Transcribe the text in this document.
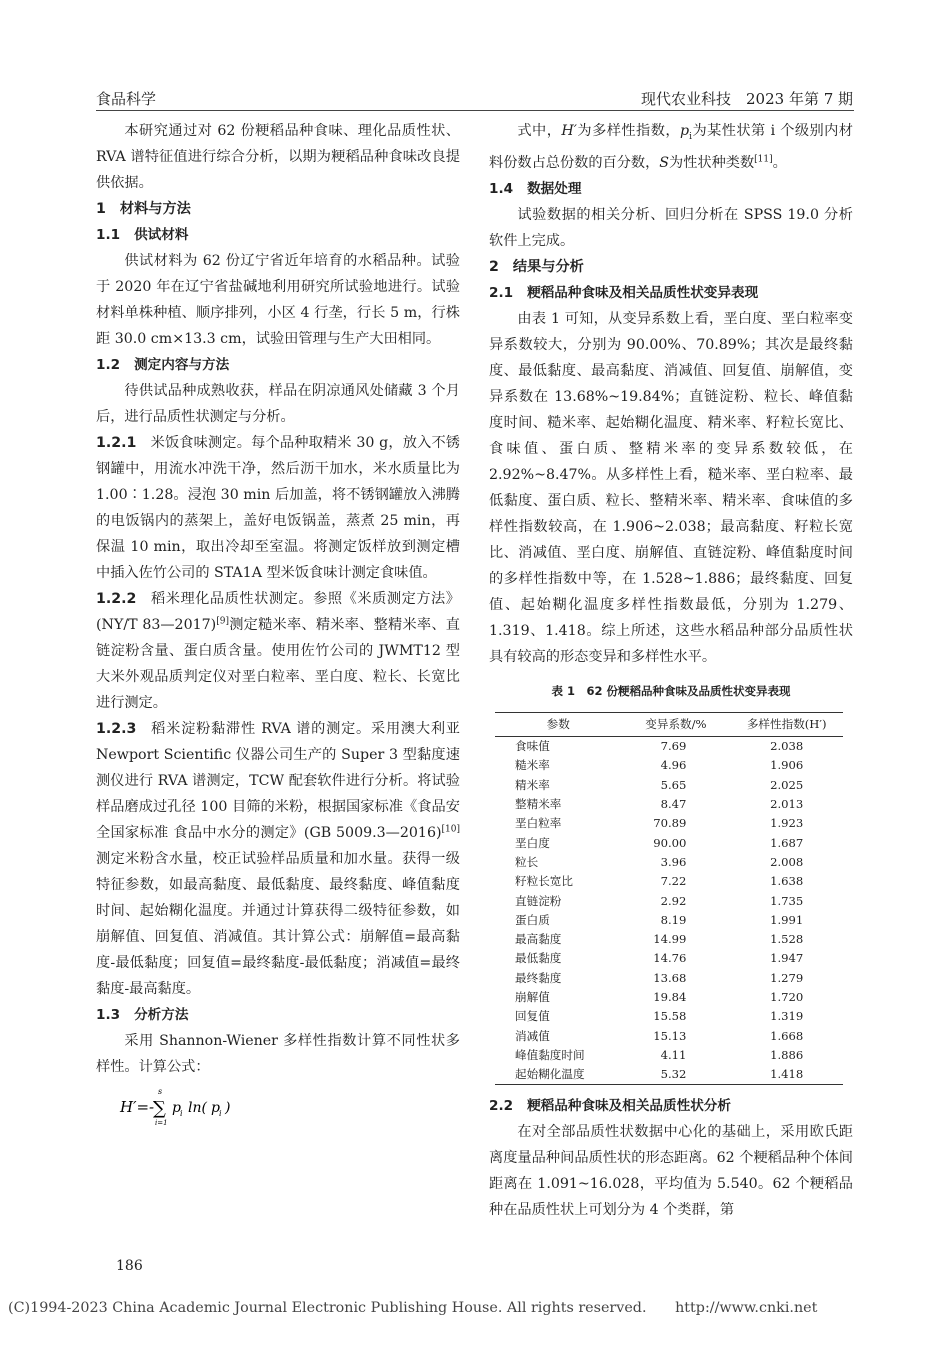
食品科学	现代农业科技　2023 年第 7 期

本研究通过对 62 份粳稻品种食味、理化品质性状、RVA 谱特征值进行综合分析，以期为粳稻品种食味改良提供依据。

1 材料与方法

1.1 供试材料

供试材料为 62 份辽宁省近年培育的水稻品种。试验于 2020 年在辽宁省盐碱地利用研究所试验地进行。试验材料单株种植、顺序排列，小区 4 行垄，行长 5 m，行株距 30.0 cm×13.3 cm，试验田管理与生产大田相同。

1.2 测定内容与方法

待供试品种成熟收获，样品在阴凉通风处储藏 3 个月后，进行品质性状测定与分析。

1.2.1 米饭食味测定。每个品种取精米 30 g，放入不锈钢罐中，用流水冲洗干净，然后沥干加水，米水质量比为 1.00∶1.28。浸泡 30 min 后加盖，将不锈钢罐放入沸腾的电饭锅内的蒸架上，盖好电饭锅盖，蒸煮 25 min，再保温 10 min，取出冷却至室温。将测定饭样放到测定槽中插入佐竹公司的 STA1A 型米饭食味计测定食味值。

1.2.2 稻米理化品质性状测定。参照《米质测定方法》(NY/T 83—2017)[9]测定糙米率、精米率、整精米率、直链淀粉含量、蛋白质含量。使用佐竹公司的 JWMT12 型大米外观品质判定仪对垩白粒率、垩白度、粒长、长宽比进行测定。

1.2.3 稻米淀粉黏滞性 RVA 谱的测定。采用澳大利亚 Newport Scientific 仪器公司生产的 Super 3 型黏度速测仪进行 RVA 谱测定，TCW 配套软件进行分析。将试验样品磨成过孔径 100 目筛的米粉，根据国家标准《食品安全国家标准 食品中水分的测定》(GB 5009.3—2016)[10]测定米粉含水量，校正试验样品质量和加水量。获得一级特征参数，如最高黏度、最低黏度、最终黏度、峰值黏度时间、起始糊化温度。并通过计算获得二级特征参数，如崩解值、回复值、消减值。其计算公式：崩解值=最高黏度-最低黏度；回复值=最终黏度-最低黏度；消减值=最终黏度-最高黏度。

1.3 分析方法

采用 Shannon-Wiener 多样性指数计算不同性状多样性。计算公式：

H′=-
s
∑
i=1
p i ln( p i )

式中，H′为多样性指数，$p_i$为某性状第 i 个级别内材料份数占总份数的百分数，S为性状种类数[11]。

1.4 数据处理

试验数据的相关分析、回归分析在 SPSS 19.0 分析软件上完成。

2 结果与分析

2.1 粳稻品种食味及相关品质性状变异表现

由表 1 可知，从变异系数上看，垩白度、垩白粒率变异系数较大，分别为 90.00%、70.89%；其次是最终黏度、最低黏度、最高黏度、消减值、回复值、崩解值，变异系数在 13.68%~19.84%；直链淀粉、粒长、峰值黏度时间、糙米率、起始糊化温度、精米率、籽粒长宽比、食味值、蛋白质、整精米率的变异系数较低，在 2.92%~8.47%。从多样性上看，糙米率、垩白粒率、最低黏度、蛋白质、粒长、整精米率、精米率、食味值的多样性指数较高，在 1.906~2.038；最高黏度、籽粒长宽比、消减值、垩白度、崩解值、直链淀粉、峰值黏度时间的多样性指数中等，在 1.528~1.886；最终黏度、回复值、起始糊化温度多样性指数最低，分别为 1.279、1.319、1.418。综上所述，这些水稻品种部分品质性状具有较高的形态变异和多样性水平。

表 1　62 份粳稻品种食味及品质性状变异表现
参数	变异系数/%	多样性指数(H′)
食味值	7.69	2.038
糙米率	4.96	1.906
精米率	5.65	2.025
整精米率	8.47	2.013
垩白粒率	70.89	1.923
垩白度	90.00	1.687
粒长	3.96	2.008
籽粒长宽比	7.22	1.638
直链淀粉	2.92	1.735
蛋白质	8.19	1.991
最高黏度	14.99	1.528
最低黏度	14.76	1.947
最终黏度	13.68	1.279
崩解值	19.84	1.720
回复值	15.58	1.319
消减值	15.13	1.668
峰值黏度时间	4.11	1.886
起始糊化温度	5.32	1.418

2.2 粳稻品种食味及相关品质性状分析

在对全部品质性状数据中心化的基础上，采用欧氏距离度量品种间品质性状的形态距离。62 个粳稻品种个体间距离在 1.091~16.028，平均值为 5.540。62 个粳稻品种在品质性状上可划分为 4 个类群，第

186
(C)1994-2023 China Academic Journal Electronic Publishing House. All rights reserved.　　http://www.cnki.net
